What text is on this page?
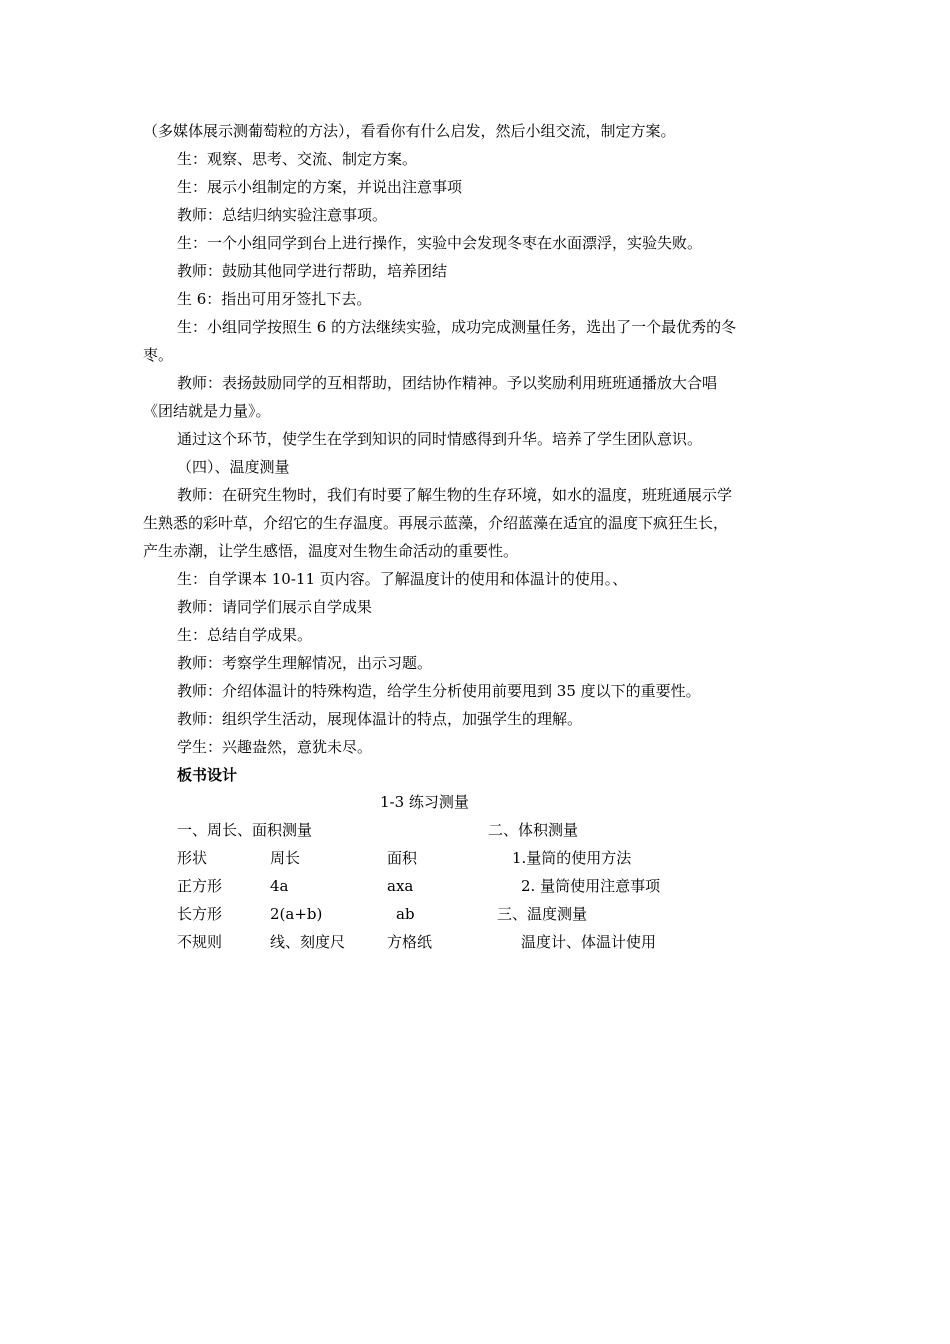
（多媒体展示测葡萄粒的方法），看看你有什么启发，然后小组交流，制定方案。
生：观察、思考、交流、制定方案。
生：展示小组制定的方案，并说出注意事项
教师：总结归纳实验注意事项。
生：一个小组同学到台上进行操作，实验中会发现冬枣在水面漂浮，实验失败。
教师：鼓励其他同学进行帮助，培养团结
生 6：指出可用牙签扎下去。
生：小组同学按照生 6 的方法继续实验，成功完成测量任务，选出了一个最优秀的冬
枣。
教师：表扬鼓励同学的互相帮助，团结协作精神。予以奖励利用班班通播放大合唱
《团结就是力量》。
通过这个环节，使学生在学到知识的同时情感得到升华。培养了学生团队意识。
（四）、温度测量
教师：在研究生物时，我们有时要了解生物的生存环境，如水的温度，班班通展示学
生熟悉的彩叶草，介绍它的生存温度。再展示蓝藻，介绍蓝藻在适宜的温度下疯狂生长，
产生赤潮，让学生感悟，温度对生物生命活动的重要性。
生：自学课本 10-11 页内容。了解温度计的使用和体温计的使用。、
教师：请同学们展示自学成果
生：总结自学成果。
教师：考察学生理解情况，出示习题。
教师：介绍体温计的特殊构造，给学生分析使用前要甩到 35 度以下的重要性。
教师：组织学生活动，展现体温计的特点，加强学生的理解。
学生：兴趣盎然，意犹未尽。
板书设计
1-3 练习测量
一、周长、面积测量	二、体积测量
形状	周长	面积	1.量筒的使用方法
正方形	4a	axa	2. 量筒使用注意事项
长方形	2(a+b)	ab	三、温度测量
不规则	线、刻度尺	方格纸	温度计、体温计使用
